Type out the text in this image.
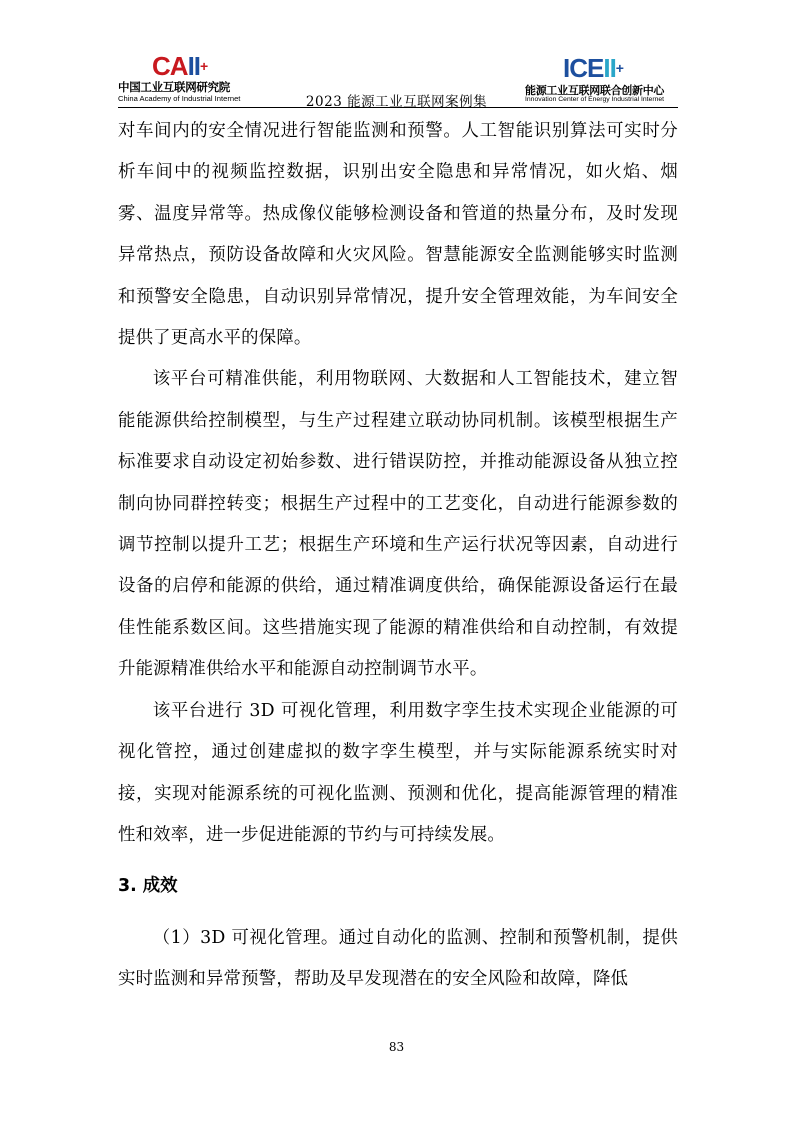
CAII+
中国工业互联网研究院
China Academy of Industrial Internet	2023 能源工业互联网案例集
ICEII+
能源工业互联网联合创新中心
Innovation Center of Energy Industrial Internet

对车间内的安全情况进行智能监测和预警。人工智能识别算法可实时分析车间中的视频监控数据，识别出安全隐患和异常情况，如火焰、烟雾、温度异常等。热成像仪能够检测设备和管道的热量分布，及时发现异常热点，预防设备故障和火灾风险。智慧能源安全监测能够实时监测和预警安全隐患，自动识别异常情况，提升安全管理效能，为车间安全提供了更高水平的保障。

该平台可精准供能，利用物联网、大数据和人工智能技术，建立智能能源供给控制模型，与生产过程建立联动协同机制。该模型根据生产标准要求自动设定初始参数、进行错误防控，并推动能源设备从独立控制向协同群控转变；根据生产过程中的工艺变化，自动进行能源参数的调节控制以提升工艺；根据生产环境和生产运行状况等因素，自动进行设备的启停和能源的供给，通过精准调度供给，确保能源设备运行在最佳性能系数区间。这些措施实现了能源的精准供给和自动控制，有效提升能源精准供给水平和能源自动控制调节水平。

该平台进行 3D 可视化管理，利用数字孪生技术实现企业能源的可视化管控，通过创建虚拟的数字孪生模型，并与实际能源系统实时对接，实现对能源系统的可视化监测、预测和优化，提高能源管理的精准性和效率，进一步促进能源的节约与可持续发展。

3. 成效

（1）3D 可视化管理。通过自动化的监测、控制和预警机制，提供实时监测和异常预警，帮助及早发现潜在的安全风险和故障，降低

83
